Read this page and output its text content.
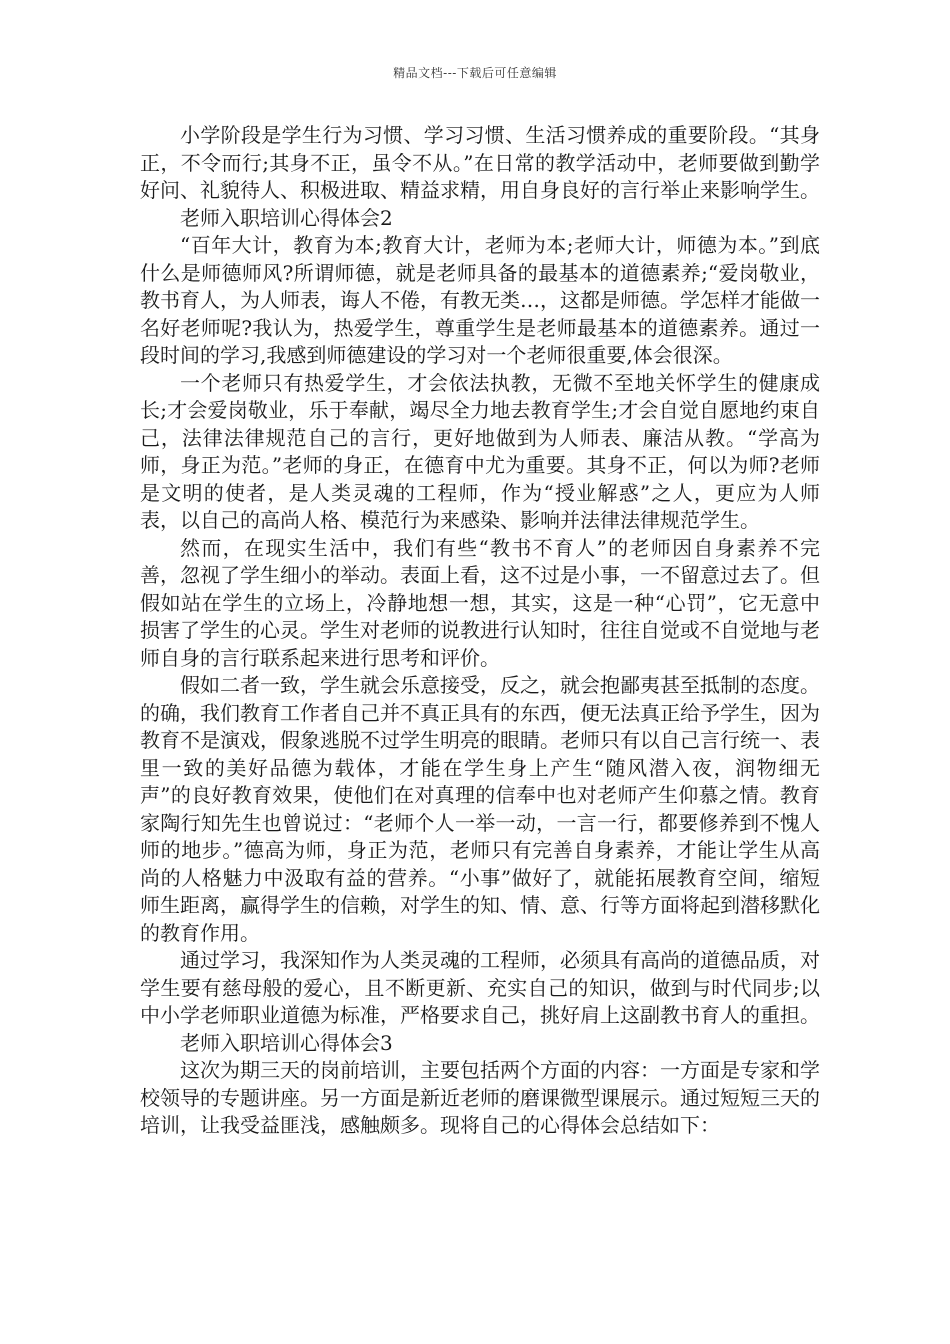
精品文档---下载后可任意编辑

小学阶段是学生行为习惯、学习习惯、生活习惯养成的重要阶段。“其身正，不令而行;其身不正，虽令不从。”在日常的教学活动中，老师要做到勤学好问、礼貌待人、积极进取、精益求精，用自身良好的言行举止来影响学生。

老师入职培训心得体会2

“百年大计，教育为本;教育大计，老师为本;老师大计，师德为本。”到底什么是师德师风?所谓师德，就是老师具备的最基本的道德素养;“爱岗敬业，教书育人，为人师表，诲人不倦，有教无类…，这都是师德。学怎样才能做一名好老师呢?我认为，热爱学生，尊重学生是老师最基本的道德素养。通过一段时间的学习,我感到师德建设的学习对一个老师很重要,体会很深。

一个老师只有热爱学生，才会依法执教，无微不至地关怀学生的健康成长;才会爱岗敬业，乐于奉献，竭尽全力地去教育学生;才会自觉自愿地约束自己，法律法律规范自己的言行，更好地做到为人师表、廉洁从教。“学高为师，身正为范。”老师的身正，在德育中尤为重要。其身不正，何以为师?老师是文明的使者，是人类灵魂的工程师，作为“授业解惑”之人，更应为人师表，以自己的高尚人格、模范行为来感染、影响并法律法律规范学生。

然而，在现实生活中，我们有些“教书不育人”的老师因自身素养不完善，忽视了学生细小的举动。表面上看，这不过是小事，一不留意过去了。但假如站在学生的立场上，冷静地想一想，其实，这是一种“心罚”，它无意中损害了学生的心灵。学生对老师的说教进行认知时，往往自觉或不自觉地与老师自身的言行联系起来进行思考和评价。

假如二者一致，学生就会乐意接受，反之，就会抱鄙夷甚至抵制的态度。的确，我们教育工作者自己并不真正具有的东西，便无法真正给予学生，因为教育不是演戏，假象逃脱不过学生明亮的眼睛。老师只有以自己言行统一、表里一致的美好品德为载体，才能在学生身上产生“随风潜入夜，润物细无声”的良好教育效果，使他们在对真理的信奉中也对老师产生仰慕之情。教育家陶行知先生也曾说过：“老师个人一举一动，一言一行，都要修养到不愧人师的地步。”德高为师，身正为范，老师只有完善自身素养，才能让学生从高尚的人格魅力中汲取有益的营养。“小事”做好了，就能拓展教育空间，缩短师生距离，赢得学生的信赖，对学生的知、情、意、行等方面将起到潜移默化的教育作用。

通过学习，我深知作为人类灵魂的工程师，必须具有高尚的道德品质，对学生要有慈母般的爱心，且不断更新、充实自己的知识，做到与时代同步;以中小学老师职业道德为标准，严格要求自己，挑好肩上这副教书育人的重担。

老师入职培训心得体会3

这次为期三天的岗前培训，主要包括两个方面的内容：一方面是专家和学校领导的专题讲座。另一方面是新近老师的磨课微型课展示。通过短短三天的培训，让我受益匪浅，感触颇多。现将自己的心得体会总结如下：
